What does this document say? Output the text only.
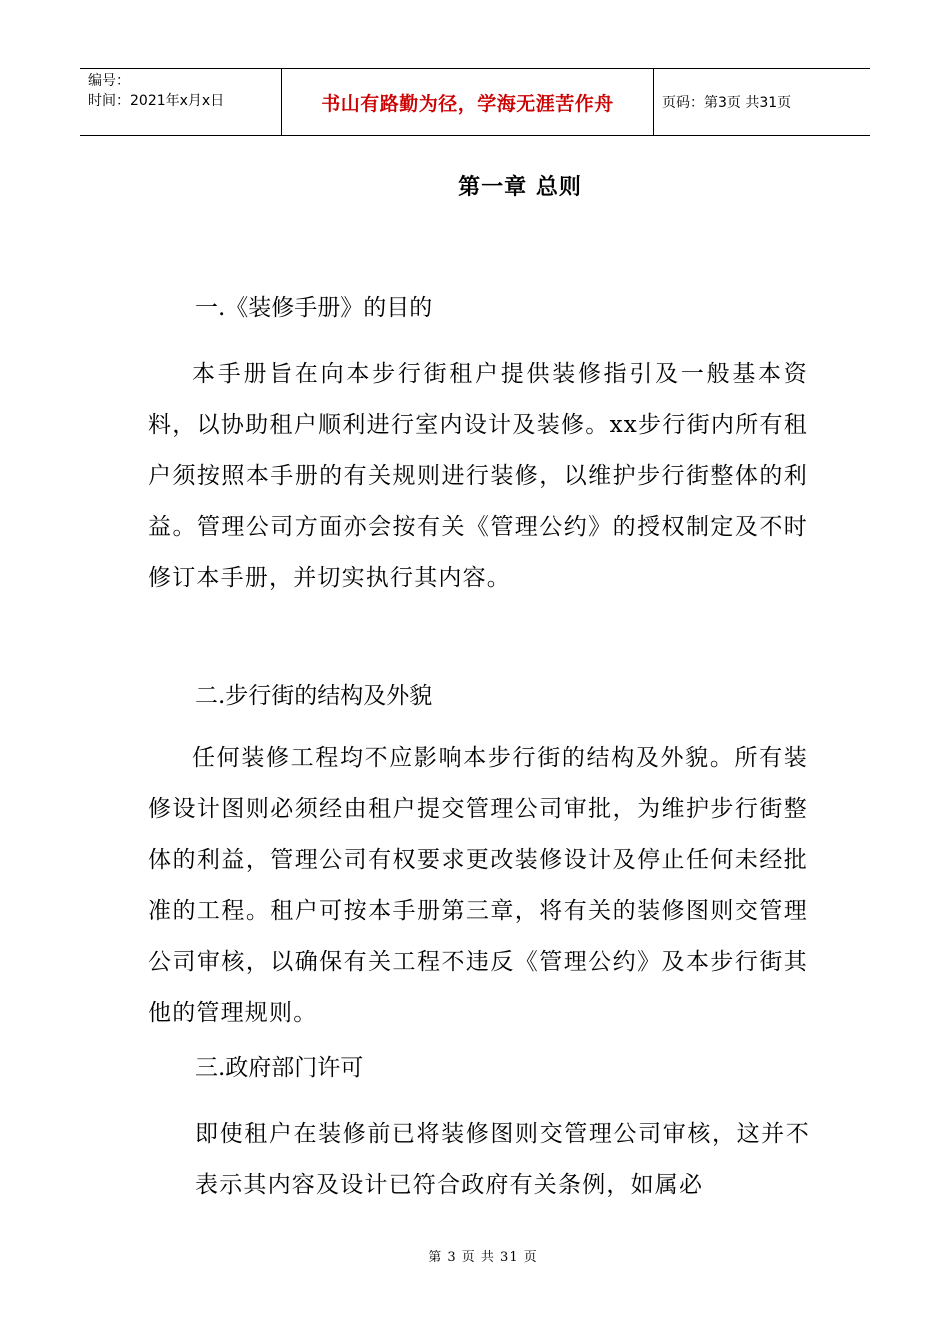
编号：
时间：2021年x月x日	书山有路勤为径，学海无涯苦作舟	页码：第3页 共31页
第一章 总则
一.《装修手册》的目的
本手册旨在向本步行街租户提供装修指引及一般基本资料，以协助租户顺利进行室内设计及装修。xx步行街内所有租户须按照本手册的有关规则进行装修，以维护步行街整体的利益。管理公司方面亦会按有关《管理公约》的授权制定及不时修订本手册，并切实执行其内容。
二.步行街的结构及外貌
任何装修工程均不应影响本步行街的结构及外貌。所有装修设计图则必须经由租户提交管理公司审批，为维护步行街整体的利益，管理公司有权要求更改装修设计及停止任何未经批准的工程。租户可按本手册第三章，将有关的装修图则交管理公司审核，以确保有关工程不违反《管理公约》及本步行街其他的管理规则。
三.政府部门许可
即使租户在装修前已将装修图则交管理公司审核，这并不表示其内容及设计已符合政府有关条例，如属必
第 3 页 共 31 页
